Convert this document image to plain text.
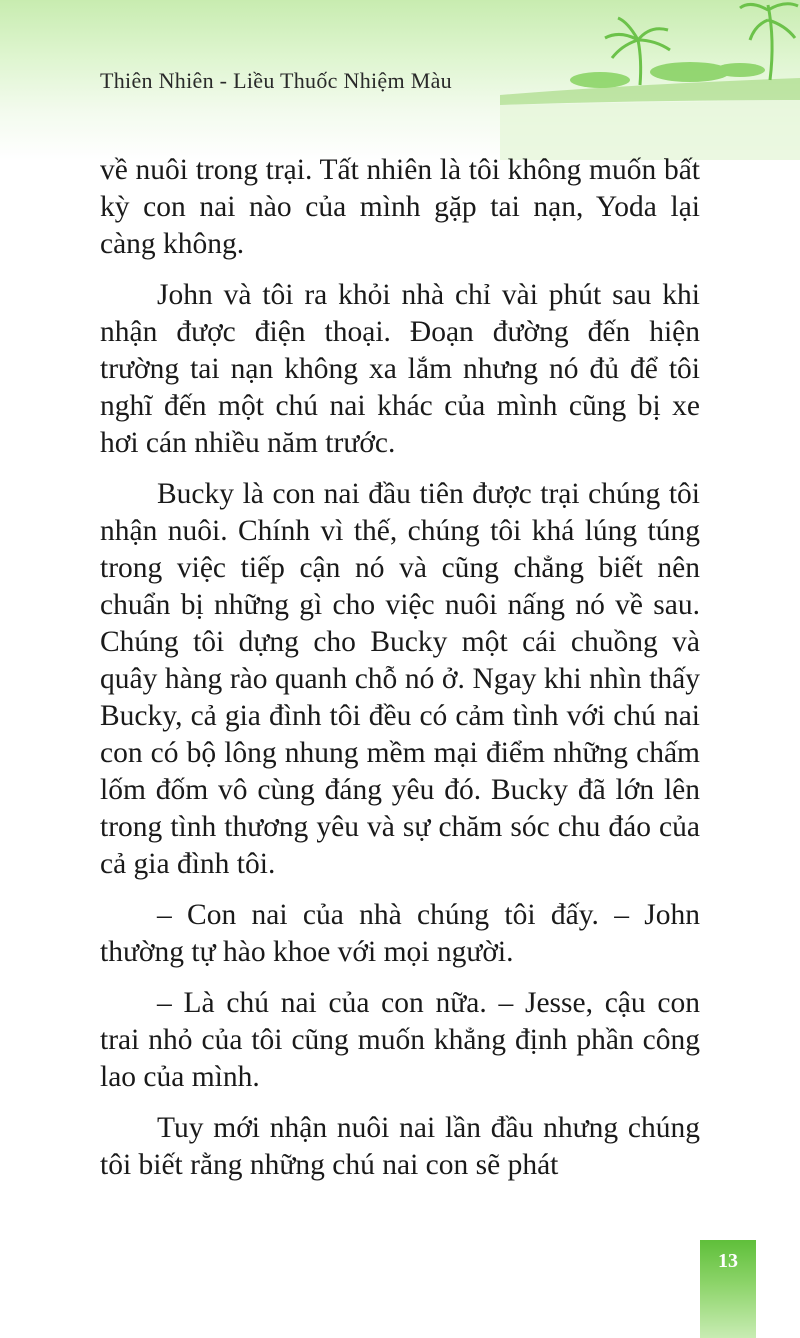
Thiên Nhiên - Liều Thuốc Nhiệm Màu

về nuôi trong trại. Tất nhiên là tôi không muốn bất kỳ con nai nào của mình gặp tai nạn, Yoda lại càng không.

John và tôi ra khỏi nhà chỉ vài phút sau khi nhận được điện thoại. Đoạn đường đến hiện trường tai nạn không xa lắm nhưng nó đủ để tôi nghĩ đến một chú nai khác của mình cũng bị xe hơi cán nhiều năm trước.

Bucky là con nai đầu tiên được trại chúng tôi nhận nuôi. Chính vì thế, chúng tôi khá lúng túng trong việc tiếp cận nó và cũng chẳng biết nên chuẩn bị những gì cho việc nuôi nấng nó về sau. Chúng tôi dựng cho Bucky một cái chuồng và quây hàng rào quanh chỗ nó ở. Ngay khi nhìn thấy Bucky, cả gia đình tôi đều có cảm tình với chú nai con có bộ lông nhung mềm mại điểm những chấm lốm đốm vô cùng đáng yêu đó. Bucky đã lớn lên trong tình thương yêu và sự chăm sóc chu đáo của cả gia đình tôi.

– Con nai của nhà chúng tôi đấy. – John thường tự hào khoe với mọi người.

– Là chú nai của con nữa. – Jesse, cậu con trai nhỏ của tôi cũng muốn khẳng định phần công lao của mình.

Tuy mới nhận nuôi nai lần đầu nhưng chúng tôi biết rằng những chú nai con sẽ phát

13
